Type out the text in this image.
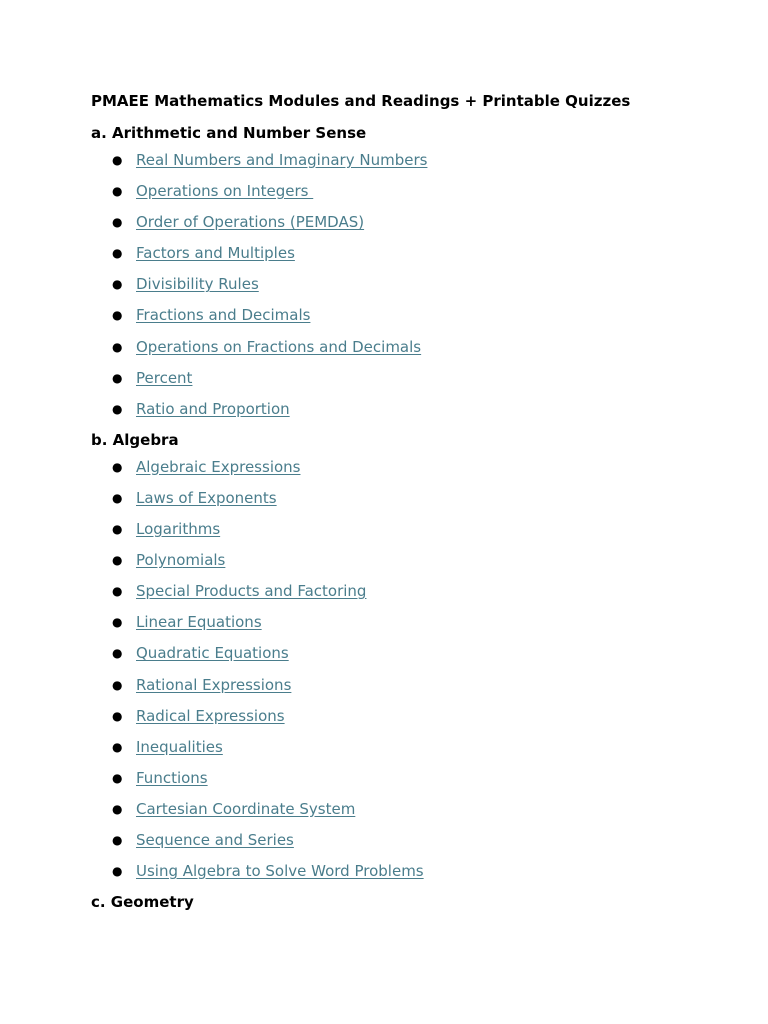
PMAEE Mathematics Modules and Readings + Printable Quizzes
a. Arithmetic and Number Sense
● Real Numbers and Imaginary Numbers
● Operations on Integers
● Order of Operations (PEMDAS)
● Factors and Multiples
● Divisibility Rules
● Fractions and Decimals
● Operations on Fractions and Decimals
● Percent
● Ratio and Proportion
b. Algebra
● Algebraic Expressions
● Laws of Exponents
● Logarithms
● Polynomials
● Special Products and Factoring
● Linear Equations
● Quadratic Equations
● Rational Expressions
● Radical Expressions
● Inequalities
● Functions
● Cartesian Coordinate System
● Sequence and Series
● Using Algebra to Solve Word Problems
c. Geometry
